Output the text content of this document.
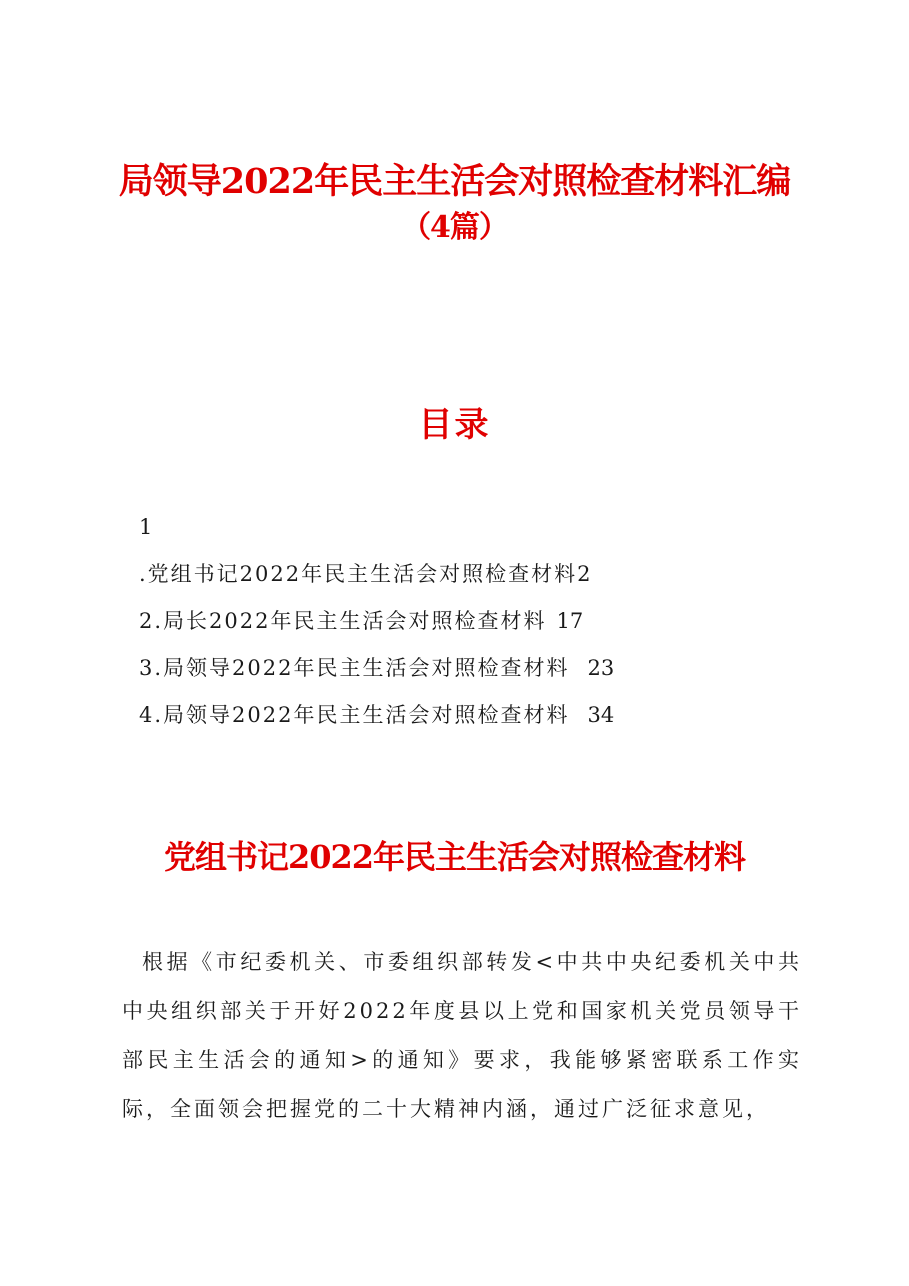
局领导2022年民主生活会对照检查材料汇编
（4篇）
目录
1
.党组书记2022年民主生活会对照检查材料2
2.局长2022年民主生活会对照检查材料 17
3.局领导2022年民主生活会对照检查材料 23
4.局领导2022年民主生活会对照检查材料 34
党组书记2022年民主生活会对照检查材料
根据《市纪委机关、市委组织部转发<中共中央纪委机关中共中央组织部关于开好2022年度县以上党和国家机关党员领导干部民主生活会的通知>的通知》要求，我能够紧密联系工作实际，全面领会把握党的二十大精神内涵，通过广泛征求意见，
